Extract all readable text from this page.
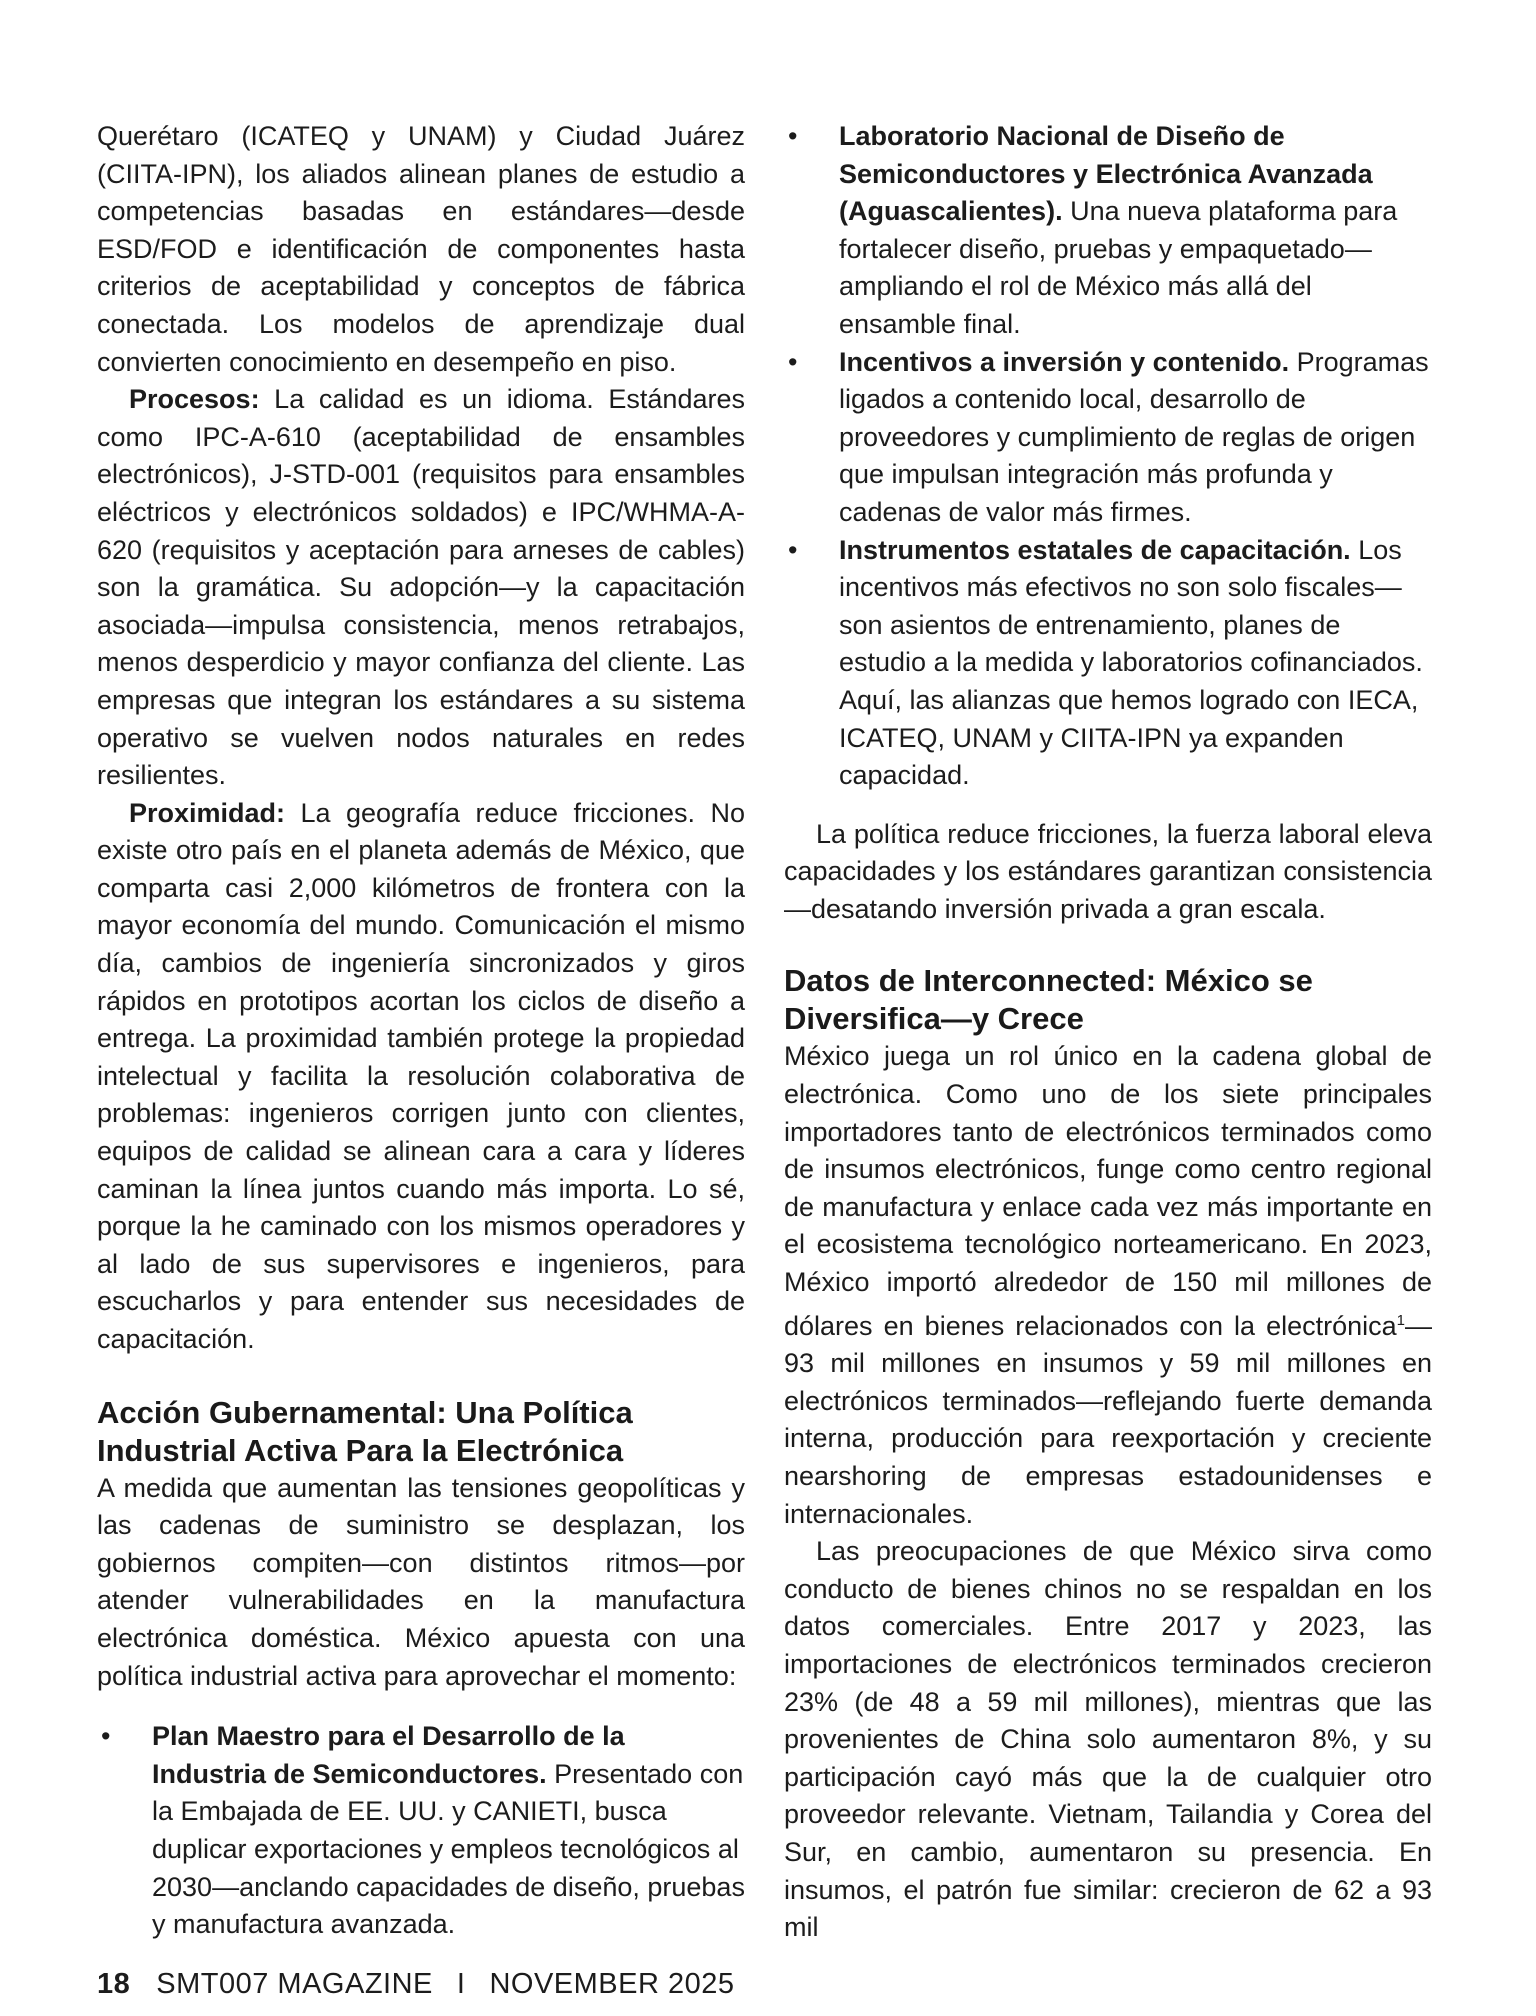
Querétaro (ICATEQ y UNAM) y Ciudad Juárez (CIITA-IPN), los aliados alinean planes de estudio a competencias basadas en estándares—desde ESD/FOD e identificación de componentes hasta criterios de aceptabilidad y conceptos de fábrica conectada. Los modelos de aprendizaje dual convierten conocimiento en desempeño en piso.

Procesos: La calidad es un idioma. Estándares como IPC-A-610 (aceptabilidad de ensambles electrónicos), J-STD-001 (requisitos para ensambles eléctricos y electrónicos soldados) e IPC/WHMA-A-620 (requisitos y aceptación para arneses de cables) son la gramática. Su adopción—y la capacitación asociada—impulsa consistencia, menos retrabajos, menos desperdicio y mayor confianza del cliente. Las empresas que integran los estándares a su sistema operativo se vuelven nodos naturales en redes resilientes.

Proximidad: La geografía reduce fricciones. No existe otro país en el planeta además de México, que comparta casi 2,000 kilómetros de frontera con la mayor economía del mundo. Comunicación el mismo día, cambios de ingeniería sincronizados y giros rápidos en prototipos acortan los ciclos de diseño a entrega. La proximidad también protege la propiedad intelectual y facilita la resolución colaborativa de problemas: ingenieros corrigen junto con clientes, equipos de calidad se alinean cara a cara y líderes caminan la línea juntos cuando más importa. Lo sé, porque la he caminado con los mismos operadores y al lado de sus supervisores e ingenieros, para escucharlos y para entender sus necesidades de capacitación.

Acción Gubernamental: Una Política Industrial Activa Para la Electrónica

A medida que aumentan las tensiones geopolíticas y las cadenas de suministro se desplazan, los gobiernos compiten—con distintos ritmos—por atender vulnerabilidades en la manufactura electrónica doméstica. México apuesta con una política industrial activa para aprovechar el momento:

•	Plan Maestro para el Desarrollo de la Industria de Semiconductores. Presentado con la Embajada de EE. UU. y CANIETI, busca duplicar exportaciones y empleos tecnológicos al 2030—anclando capacidades de diseño, pruebas y manufactura avanzada.
•	Laboratorio Nacional de Diseño de Semiconductores y Electrónica Avanzada (Aguascalientes). Una nueva plataforma para fortalecer diseño, pruebas y empaquetado—ampliando el rol de México más allá del ensamble final.
•	Incentivos a inversión y contenido. Programas ligados a contenido local, desarrollo de proveedores y cumplimiento de reglas de origen que impulsan integración más profunda y cadenas de valor más firmes.
•	Instrumentos estatales de capacitación. Los incentivos más efectivos no son solo fiscales—son asientos de entrenamiento, planes de estudio a la medida y laboratorios cofinanciados. Aquí, las alianzas que hemos logrado con IECA, ICATEQ, UNAM y CIITA-IPN ya expanden capacidad.

La política reduce fricciones, la fuerza laboral eleva capacidades y los estándares garantizan consistencia—desatando inversión privada a gran escala.

Datos de Interconnected: México se Diversifica—y Crece

México juega un rol único en la cadena global de electrónica. Como uno de los siete principales importadores tanto de electrónicos terminados como de insumos electrónicos, funge como centro regional de manufactura y enlace cada vez más importante en el ecosistema tecnológico norteamericano. En 2023, México importó alrededor de 150 mil millones de dólares en bienes relacionados con la electrónica$^1$—93 mil millones en insumos y 59 mil millones en electrónicos terminados—reflejando fuerte demanda interna, producción para reexportación y creciente nearshoring de empresas estadounidenses e internacionales.

Las preocupaciones de que México sirva como conducto de bienes chinos no se respaldan en los datos comerciales. Entre 2017 y 2023, las importaciones de electrónicos terminados crecieron 23% (de 48 a 59 mil millones), mientras que las provenientes de China solo aumentaron 8%, y su participación cayó más que la de cualquier otro proveedor relevante. Vietnam, Tailandia y Corea del Sur, en cambio, aumentaron su presencia. En insumos, el patrón fue similar: crecieron de 62 a 93 mil

18 SMT007 MAGAZINE I NOVEMBER 2025
